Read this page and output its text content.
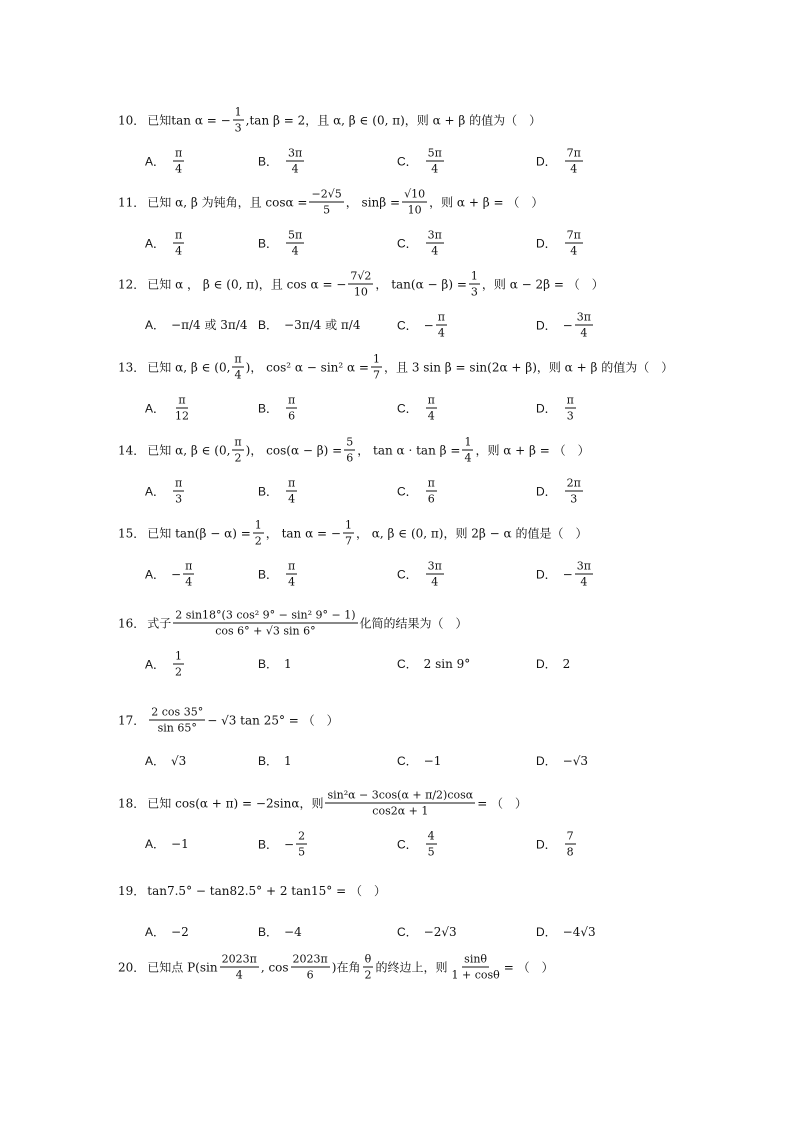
10． 已知 tan α = − $\frac{1}{3} ,\tan$ β = 2，且 α, β ∈ (0, π)，则 α + β 的值为（　）
A． $\frac{\pi}{4}$	B． $\frac{3\pi}{4}$	C． $\frac{5\pi}{4}$	D． $\frac{7\pi}{4}$
11． 已知 α, β 为钝角，且 $\cos\alpha = \frac{-2√5}{5}$ ， $\sin\beta = \frac{√10}{10}$ ，则 α + β = （　）
A． $\frac{\pi}{4}$	B． $\frac{5\pi}{4}$	C． $\frac{3\pi}{4}$	D． $\frac{7\pi}{4}$
12． 已知 α ， β ∈ (0, π)，且 cos α = − $\frac{7√2}{10}$ ， $\tan(\alpha - \beta) = \frac{1}{3}$ ，则 α − 2β = （　）
A． −π/4 或 3π/4 B． −3π/4 或 π/4	C． − $\frac{\pi}{4}$	D． − $\frac{3\pi}{4}$
13． 已知 α, β ∈ (0, $\frac{\pi}{4}$ )， cos² α − sin² $\alpha = \frac{1}{7}$ ，且 3 sin β = sin(2α + β)，则 α + β 的值为（　）
A． $\frac{\pi}{12}$	B． $\frac{\pi}{6}$	C． $\frac{\pi}{4}$	D． $\frac{\pi}{3}$
14． 已知 α, β ∈ (0, $\frac{\pi}{2}$ )， $\cos(\alpha - \beta) = \frac{5}{6}$ ， $\tan \alpha \cdot \tan \beta = \frac{1}{4}$ ，则 α + β = （　）
A． $\frac{\pi}{3}$	B． $\frac{\pi}{4}$	C． $\frac{\pi}{6}$	D． $\frac{2\pi}{3}$
15． 已知 $\tan(\beta - \alpha) = \frac{1}{2}$ ， tan α = − $\frac{1}{7}$ ， α, β ∈ (0, π)，则 2β − α 的值是（　）
A． − $\frac{\pi}{4}$	B． $\frac{\pi}{4}$	C． $\frac{3\pi}{4}$	D． − $\frac{3\pi}{4}$
16． 式子 $\frac{\text{2 sin18°(3 cos² 9° − sin² 9° − 1)}}{\cos 6^\circ + √3 \sin 6^\circ}$ 化简的结果为（　）
A． $\frac{1}{2}$	B． 1	C． 2 sin 9°	D． 2
17． $\frac{2 \cos 35^\circ}{\sin 65^\circ} - √3$ tan 25° = （　）
A． √3	B． 1	C． −1	D． −√3
18． 已知 cos(α + π) = −2sinα，则 $\frac{\text{sin²α − 3cos(α + π/2)cosα}}{\cos 2\alpha + 1}$ = （　）
A． −1	B． − $\frac{2}{5}$	C． $\frac{4}{5}$	D． $\frac{7}{8}$
19． tan7.5° − tan82.5° + 2 tan15° = （　）
A． −2	B． −4	C． −2√3	D． −4√3
20． 已知点 $P(\sin \frac{2023\pi}{4}$ , $\cos \frac{2023\pi}{6}$ )在角 $\frac{\theta}{2}$ 的终边上，则 $\frac{\sin\theta}{1 + \cos\theta}$ = （　）
